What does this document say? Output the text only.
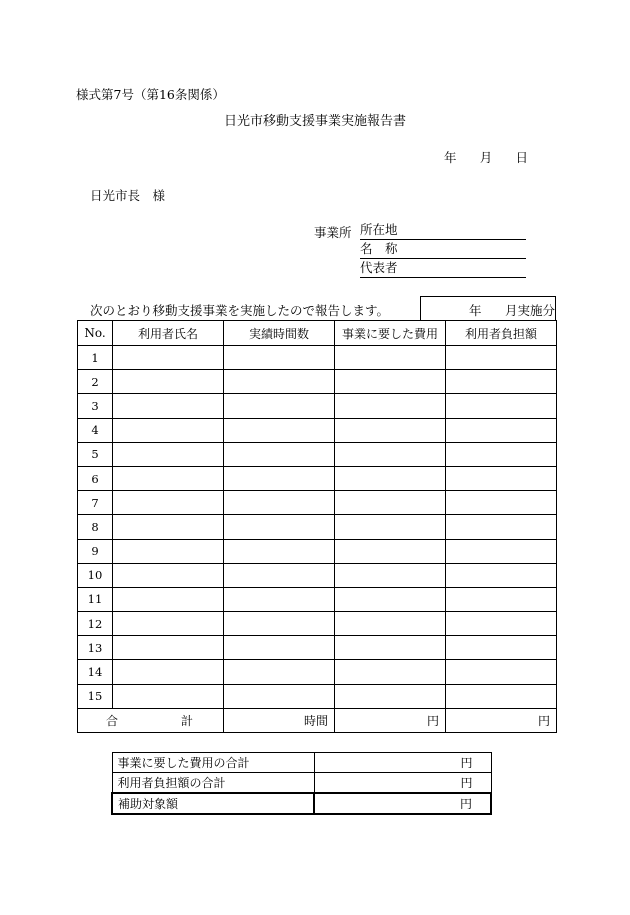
様式第7号（第16条関係）
日光市移動支援事業実施報告書
年 月 日
日光市長　様
事業所 所在地
名　称
代表者
次のとおり移動支援事業を実施したので報告します。	年 月実施分
No.	利用者氏名	実績時間数	事業に要した費用	利用者負担額
1				
2				
3				
4				
5				
6				
7				
8				
9				
10				
11				
12				
13				
14				
15				

合 計		時間	円	円
事業に要した費用の合計	円
利用者負担額の合計	円
補助対象額	円
